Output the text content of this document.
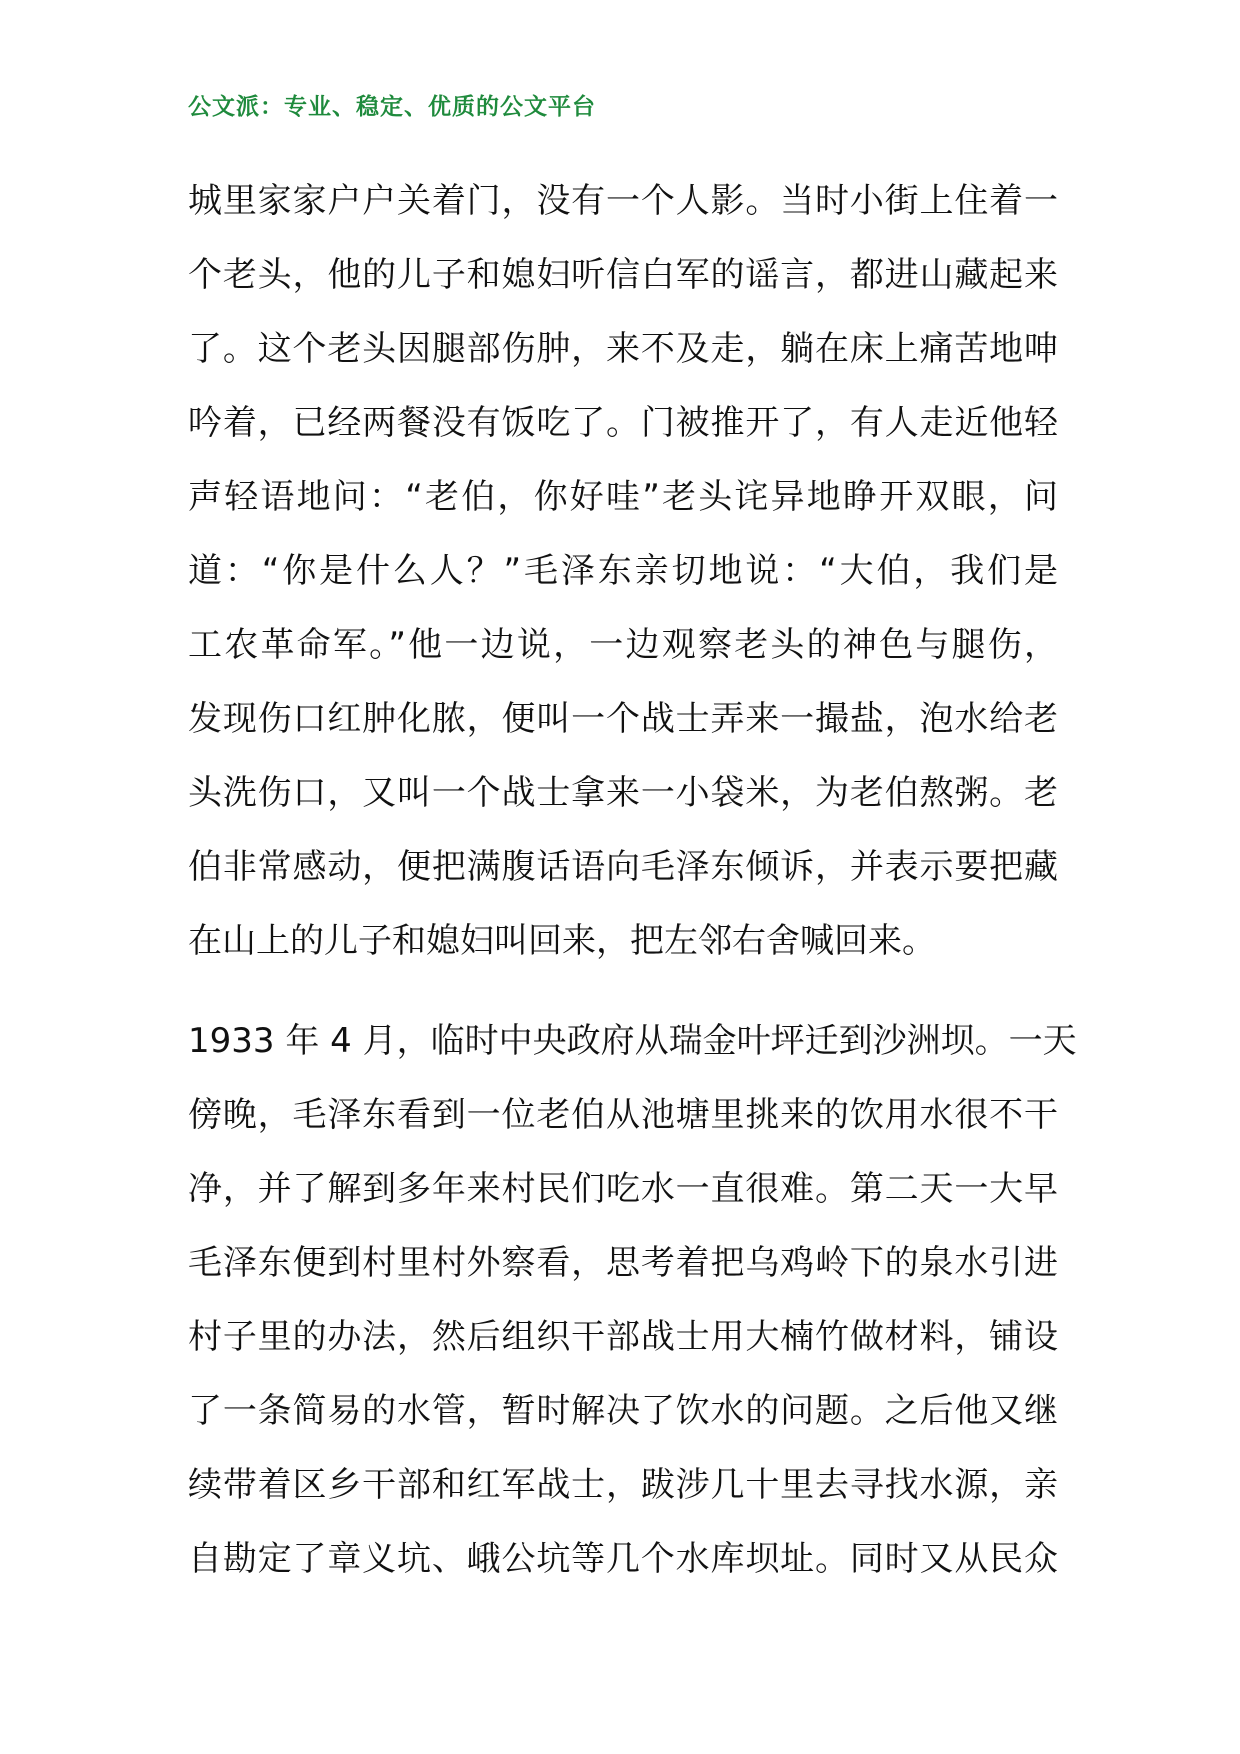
公文派：专业、稳定、优质的公文平台
城里家家户户关着门，没有一个人影。当时小街上住着一
个老头，他的儿子和媳妇听信白军的谣言，都进山藏起来
了。这个老头因腿部伤肿，来不及走，躺在床上痛苦地呻
吟着，已经两餐没有饭吃了。门被推开了，有人走近他轻
声轻语地问：“老伯，你好哇”老头诧异地睁开双眼，问
道：“你是什么人？”毛泽东亲切地说：“大伯，我们是
工农革命军。”他一边说，一边观察老头的神色与腿伤，
发现伤口红肿化脓，便叫一个战士弄来一撮盐，泡水给老
头洗伤口，又叫一个战士拿来一小袋米，为老伯熬粥。老
伯非常感动，便把满腹话语向毛泽东倾诉，并表示要把藏
在山上的儿子和媳妇叫回来，把左邻右舍喊回来。
1933 年 4 月，临时中央政府从瑞金叶坪迁到沙洲坝。一天
傍晚，毛泽东看到一位老伯从池塘里挑来的饮用水很不干
净，并了解到多年来村民们吃水一直很难。第二天一大早
毛泽东便到村里村外察看，思考着把乌鸡岭下的泉水引进
村子里的办法，然后组织干部战士用大楠竹做材料，铺设
了一条简易的水管，暂时解决了饮水的问题。之后他又继
续带着区乡干部和红军战士，跋涉几十里去寻找水源，亲
自勘定了章义坑、峨公坑等几个水库坝址。同时又从民众
